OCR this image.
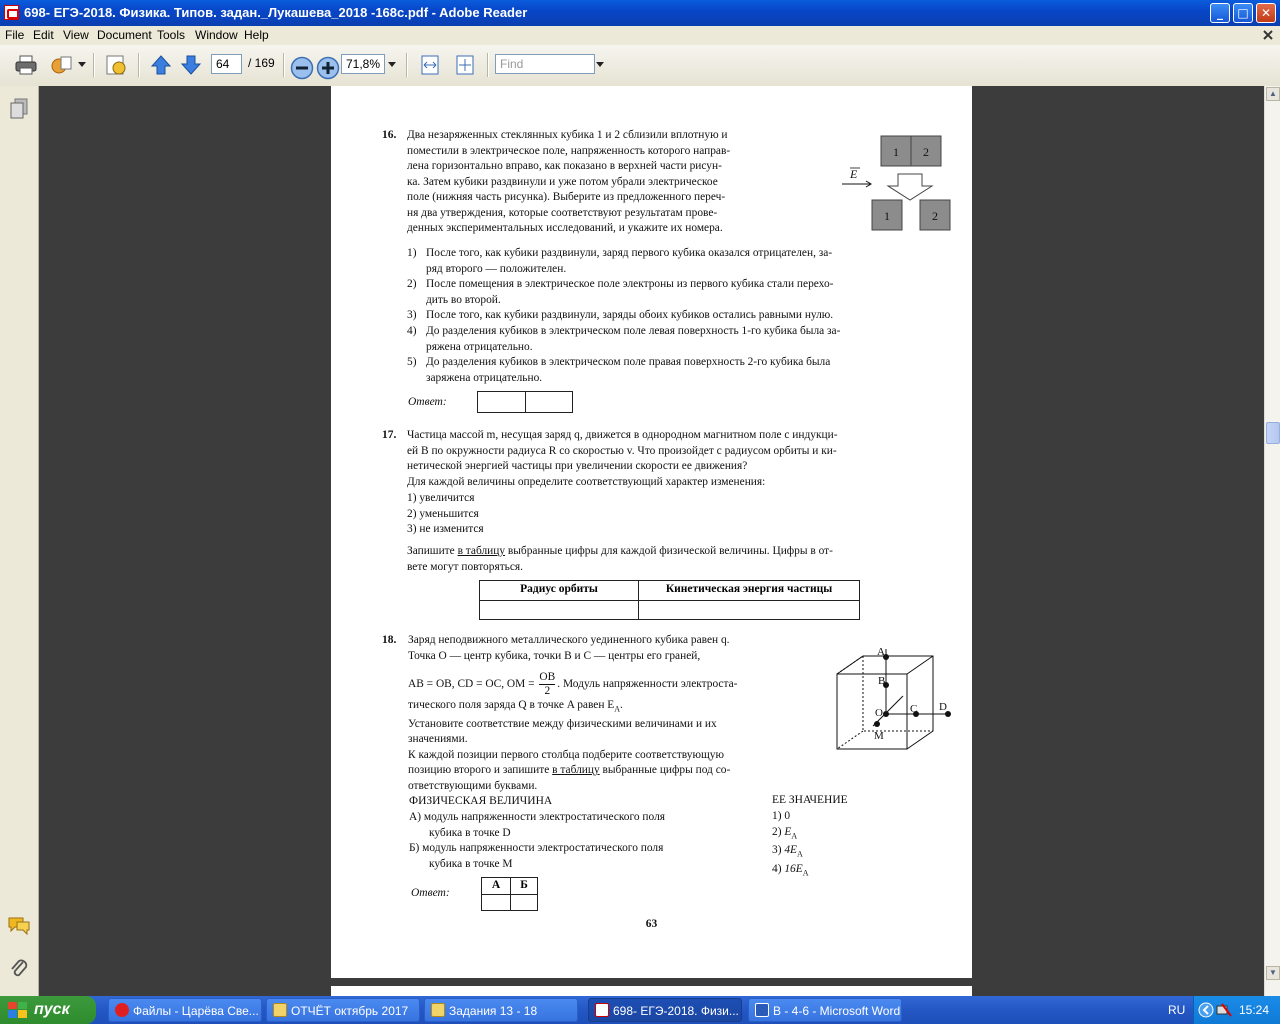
698- ЕГЭ-2018. Физика. Типов. задан._Лукашева_2018 -168с.pdf - Adobe Reader	_	□	✕
File Edit View Document Tools Window Help
64	/ 169	71,8%	Find
16. Два незаряженных стеклянных кубика 1 и 2 сблизили вплотную и
поместили в электрическое поле, напряженность которого направ-
лена горизонтально вправо, как показано в верхней части рисун-
ка. Затем кубики раздвинули и уже потом убрали электрическое
поле (нижняя часть рисунка). Выберите из предложенного переч-
ня два утверждения, которые соответствуют результатам прове-
денных экспериментальных исследований, и укажите их номера.
1 2
E
1	2
1) После того, как кубики раздвинули, заряд первого кубика оказался отрицателен, за-
ряд второго — положителен.
2) После помещения в электрическое поле электроны из первого кубика стали перехо-
дить во второй.
3) После того, как кубики раздвинули, заряды обоих кубиков остались равными нулю.
4) До разделения кубиков в электрическом поле левая поверхность 1-го кубика была за-
ряжена отрицательно.
5) До разделения кубиков в электрическом поле правая поверхность 2-го кубика была
заряжена отрицательно.
Ответ:
17. Частица массой m, несущая заряд q, движется в однородном магнитном поле с индукци-
ей B по окружности радиуса R со скоростью v. Что произойдет с радиусом орбиты и ки-
нетической энергией частицы при увеличении скорости ее движения?
Для каждой величины определите соответствующий характер изменения:
1) увеличится
2) уменьшится
3) не изменится
Запишите в таблицу выбранные цифры для каждой физической величины. Цифры в от-
вете могут повторяться.
Радиус орбиты	Кинетическая энергия частицы
18. Заряд неподвижного металлического уединенного кубика равен q.
Точка O — центр кубика, точки B и C — центры его граней,
AB = OB, CD = OC, OM = $\frac{OB}{2}$ . Модуль напряженности электроста-
тического поля заряда Q в точке A равен $E_A$.
Установите соответствие между физическими величинами и их
значениями.
К каждой позиции первого столбца подберите соответствующую
позицию второго и запишите в таблицу выбранные цифры под со-
ответствующими буквами.
A
B
O C D
M
ФИЗИЧЕСКАЯ ВЕЛИЧИНА	ЕЕ ЗНАЧЕНИЕ
А) модуль напряженности электростатического поля
кубика в точке D
Б) модуль напряженности электростатического поля
кубика в точке M
1) 0
2) $E_A$
3) $4E_A$
4) $16E_A$
Ответ:
А	Б
63
▲
▼
пуск	Файлы - Царёва Све...	ОТЧЁТ октябрь 2017	Задания 13 - 18	698- ЕГЭ-2018. Физи...	В - 4-6 - Microsoft Word	RU	15:24
